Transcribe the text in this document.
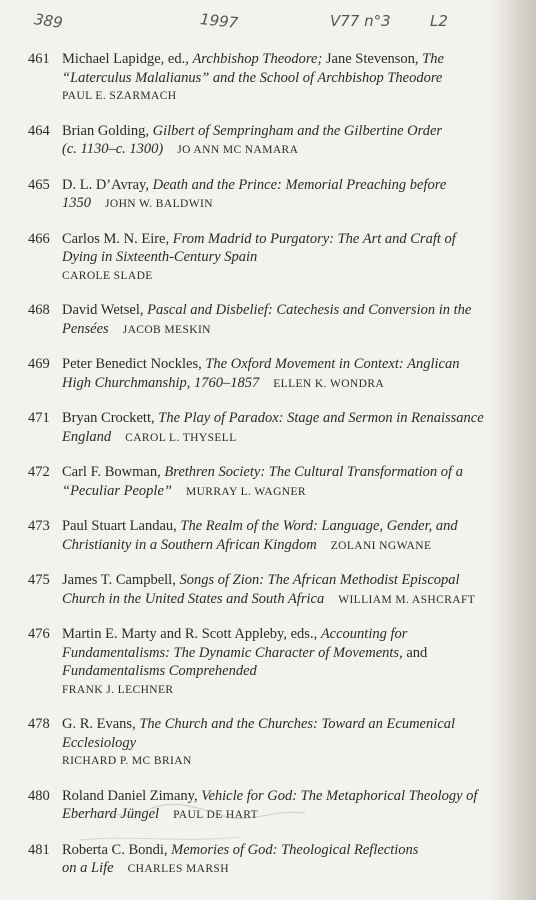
389	1997	V77 n°3	L2
461 Michael Lapidge, ed., Archbishop Theodore; Jane Stevenson, The
“Laterculus Malalianus” and the School of Archbishop Theodore
PAUL E. SZARMACH
464 Brian Golding, Gilbert of Sempringham and the Gilbertine Order
(c. 1130–c. 1300) JO ANN MC NAMARA
465 D. L. D’Avray, Death and the Prince: Memorial Preaching before
1350 JOHN W. BALDWIN
466 Carlos M. N. Eire, From Madrid to Purgatory: The Art and Craft of
Dying in Sixteenth-Century Spain
CAROLE SLADE
468 David Wetsel, Pascal and Disbelief: Catechesis and Conversion in the
Pensées JACOB MESKIN
469 Peter Benedict Nockles, The Oxford Movement in Context: Anglican
High Churchmanship, 1760–1857 ELLEN K. WONDRA
471 Bryan Crockett, The Play of Paradox: Stage and Sermon in Renaissance
England CAROL L. THYSELL
472 Carl F. Bowman, Brethren Society: The Cultural Transformation of a
“Peculiar People” MURRAY L. WAGNER
473 Paul Stuart Landau, The Realm of the Word: Language, Gender, and
Christianity in a Southern African Kingdom ZOLANI NGWANE
475 James T. Campbell, Songs of Zion: The African Methodist Episcopal
Church in the United States and South Africa WILLIAM M. ASHCRAFT
476 Martin E. Marty and R. Scott Appleby, eds., Accounting for
Fundamentalisms: The Dynamic Character of Movements, and
Fundamentalisms Comprehended
FRANK J. LECHNER
478 G. R. Evans, The Church and the Churches: Toward an Ecumenical
Ecclesiology
RICHARD P. MC BRIAN
480 Roland Daniel Zimany, Vehicle for God: The Metaphorical Theology of
Eberhard Jüngel PAUL DE HART
481 Roberta C. Bondi, Memories of God: Theological Reflections
on a Life CHARLES MARSH
